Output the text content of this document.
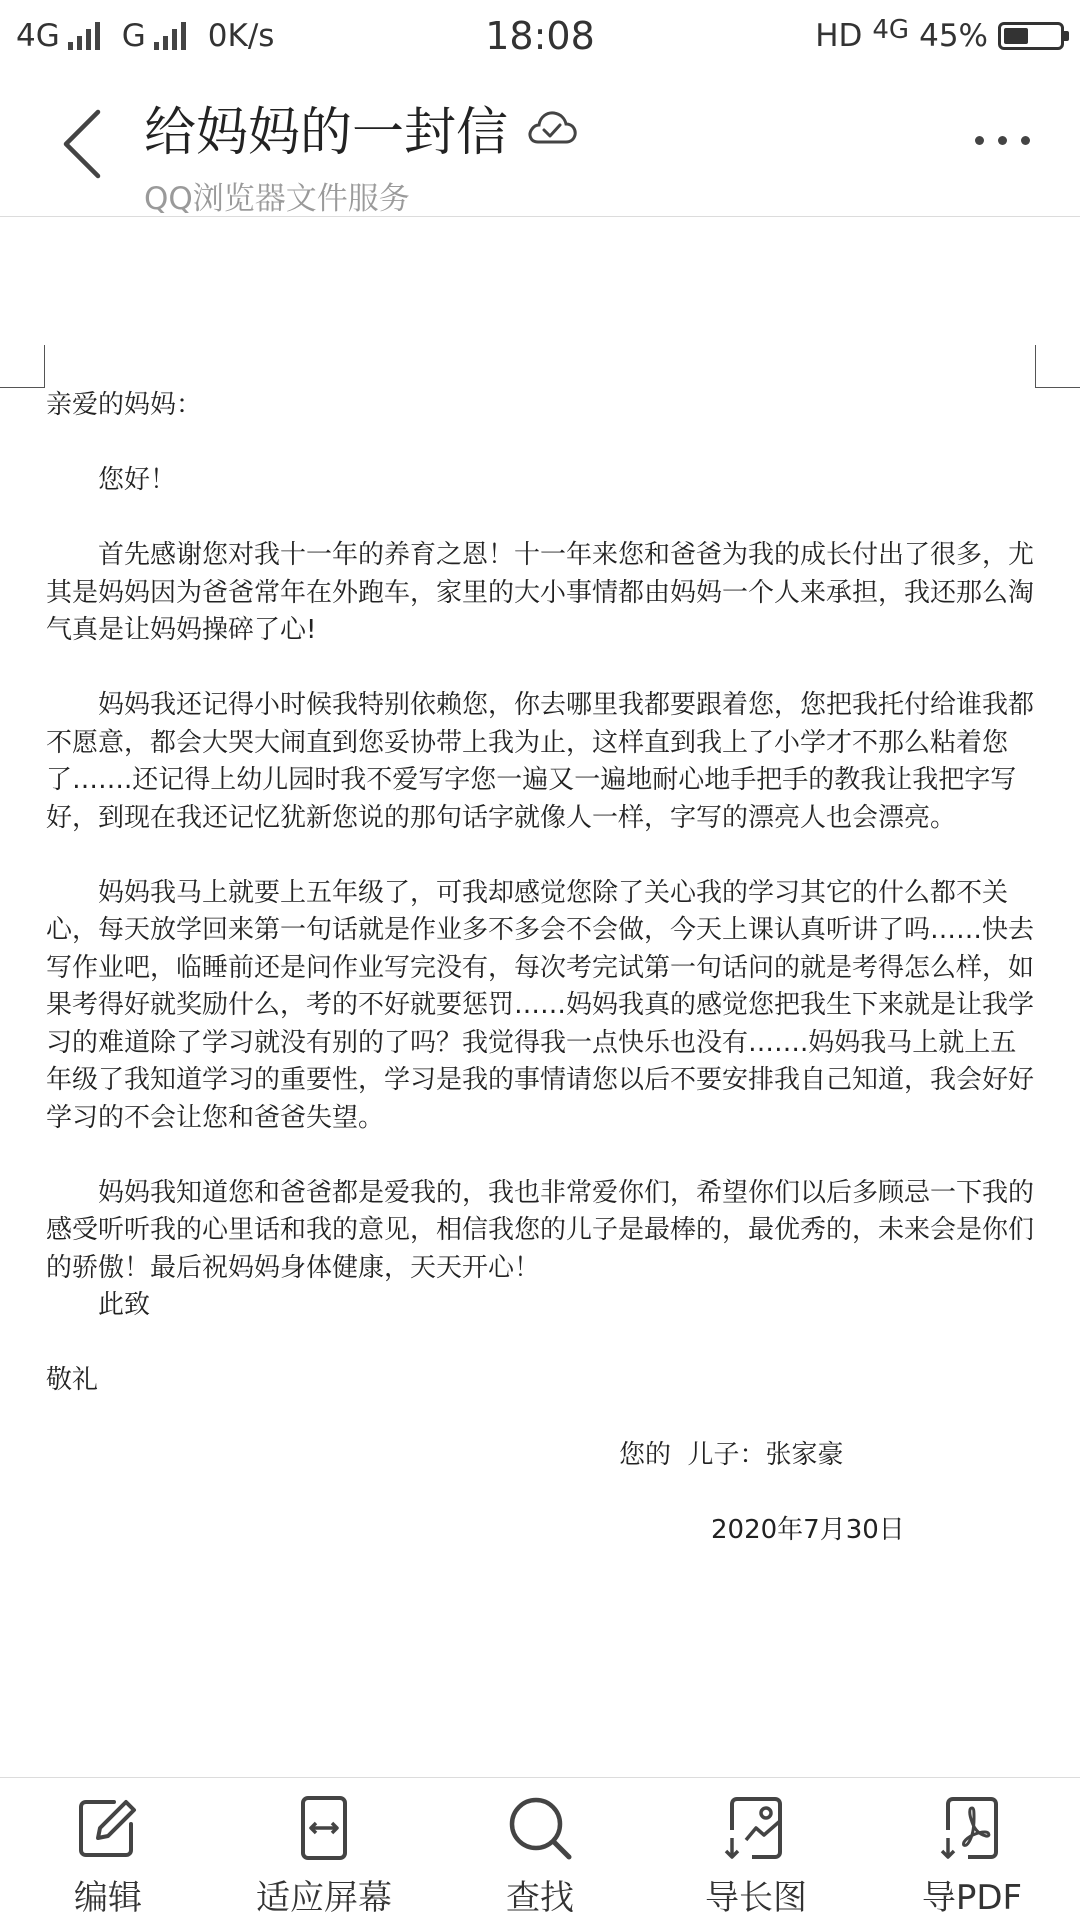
4G G 0K/s	18:08	HD 4G 45%
给妈妈的一封信
QQ浏览器文件服务

亲爱的妈妈：

您好！

首先感谢您对我十一年的养育之恩！十一年来您和爸爸为我的成长付出了很多，尤其是妈妈因为爸爸常年在外跑车，家里的大小事情都由妈妈一个人来承担，我还那么淘气真是让妈妈操碎了心!

妈妈我还记得小时候我特别依赖您，你去哪里我都要跟着您，您把我托付给谁我都不愿意，都会大哭大闹直到您妥协带上我为止，这样直到我上了小学才不那么粘着您了…….还记得上幼儿园时我不爱写字您一遍又一遍地耐心地手把手的教我让我把字写好，到现在我还记忆犹新您说的那句话字就像人一样，字写的漂亮人也会漂亮。

妈妈我马上就要上五年级了，可我却感觉您除了关心我的学习其它的什么都不关心，每天放学回来第一句话就是作业多不多会不会做，今天上课认真听讲了吗……快去写作业吧，临睡前还是问作业写完没有，每次考完试第一句话问的就是考得怎么样，如果考得好就奖励什么，考的不好就要惩罚……妈妈我真的感觉您把我生下来就是让我学习的难道除了学习就没有别的了吗？我觉得我一点快乐也没有…….妈妈我马上就上五年级了我知道学习的重要性，学习是我的事情请您以后不要安排我自己知道，我会好好学习的不会让您和爸爸失望。

妈妈我知道您和爸爸都是爱我的，我也非常爱你们，希望你们以后多顾忌一下我的感受听听我的心里话和我的意见，相信我您的儿子是最棒的，最优秀的，未来会是你们的骄傲！最后祝妈妈身体健康，天天开心！

此致

敬礼

您的  儿子：张家豪

2020年7月30日

编辑	适应屏幕	查找	导长图	导PDF
